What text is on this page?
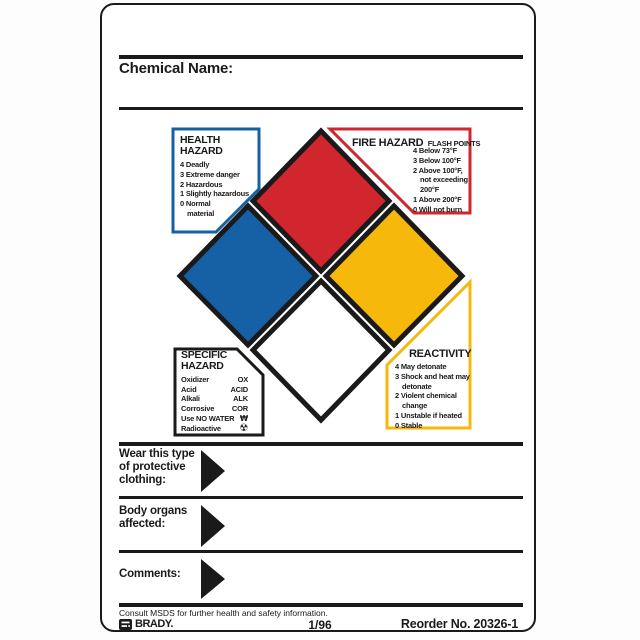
Chemical Name:
HEALTH
HAZARD
4 Deadly
3 Extreme danger
2 Hazardous
1 Slightly hazardous
0 Normal
material
FIRE HAZARD FLASH POINTS
4 Below 73°F
3 Below 100°F
2 Above 100°F,
not exceeding
200°F
1 Above 200°F
0 Will not burn
SPECIFIC
HAZARD
Oxidizer	OX
Acid	ACID
Alkali	ALK
Corrosive COR
Use NO WATER ₩
Radioactive ☢
REACTIVITY
4 May detonate
3 Shock and heat may
detonate
2 Violent chemical
change
1 Unstable if heated
0 Stable
Wear this type
of protective
clothing:
Body organs
affected:
Comments:
Consult MSDS for further health and safety information.
BRADY.	1/96	Reorder No. 20326-1
